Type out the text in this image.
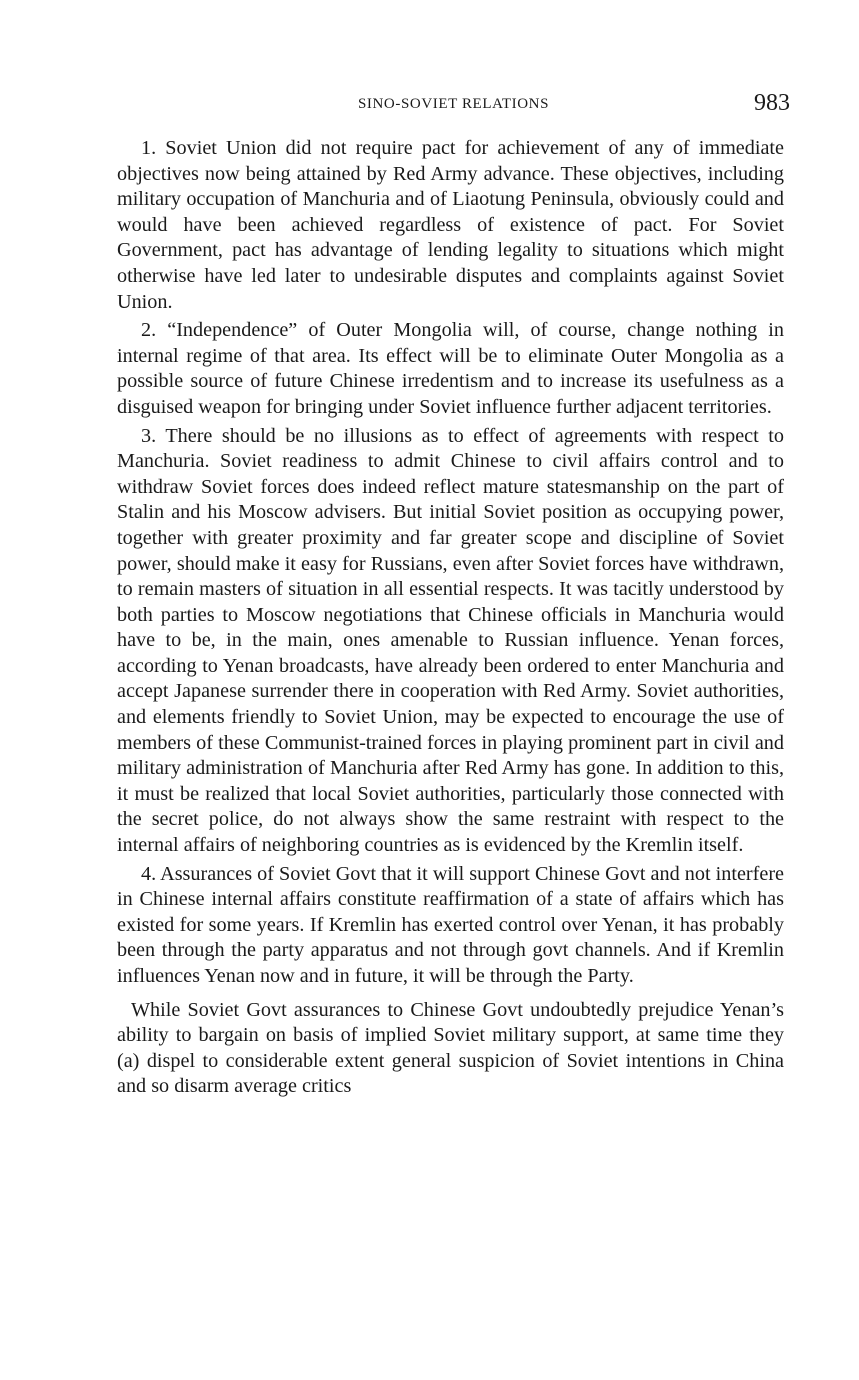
SINO-SOVIET RELATIONS	983

1. Soviet Union did not require pact for achievement of any of immediate objectives now being attained by Red Army advance. These objectives, including military occupation of Manchuria and of Liaotung Peninsula, obviously could and would have been achieved regardless of existence of pact. For Soviet Government, pact has advantage of lending legality to situations which might otherwise have led later to undesirable disputes and complaints against Soviet Union.

2. “Independence” of Outer Mongolia will, of course, change nothing in internal regime of that area. Its effect will be to eliminate Outer Mongolia as a possible source of future Chinese irredentism and to increase its usefulness as a disguised weapon for bringing under Soviet influence further adjacent territories.

3. There should be no illusions as to effect of agreements with respect to Manchuria. Soviet readiness to admit Chinese to civil affairs control and to withdraw Soviet forces does indeed reflect mature statesmanship on the part of Stalin and his Moscow advisers. But initial Soviet position as occupying power, together with greater proximity and far greater scope and discipline of Soviet power, should make it easy for Russians, even after Soviet forces have withdrawn, to remain masters of situation in all essential respects. It was tacitly understood by both parties to Moscow negotiations that Chinese officials in Manchuria would have to be, in the main, ones amenable to Russian influence. Yenan forces, according to Yenan broadcasts, have already been ordered to enter Manchuria and accept Japanese surrender there in cooperation with Red Army. Soviet authorities, and elements friendly to Soviet Union, may be expected to encourage the use of members of these Communist-trained forces in playing prominent part in civil and military administration of Manchuria after Red Army has gone. In addition to this, it must be realized that local Soviet authorities, particularly those connected with the secret police, do not always show the same restraint with respect to the internal affairs of neighboring countries as is evidenced by the Kremlin itself.

4. Assurances of Soviet Govt that it will support Chinese Govt and not interfere in Chinese internal affairs constitute reaffirmation of a state of affairs which has existed for some years. If Kremlin has exerted control over Yenan, it has probably been through the party apparatus and not through govt channels. And if Kremlin influences Yenan now and in future, it will be through the Party.

While Soviet Govt assurances to Chinese Govt undoubtedly prejudice Yenan’s ability to bargain on basis of implied Soviet military support, at same time they (a) dispel to considerable extent general suspicion of Soviet intentions in China and so disarm average critics
